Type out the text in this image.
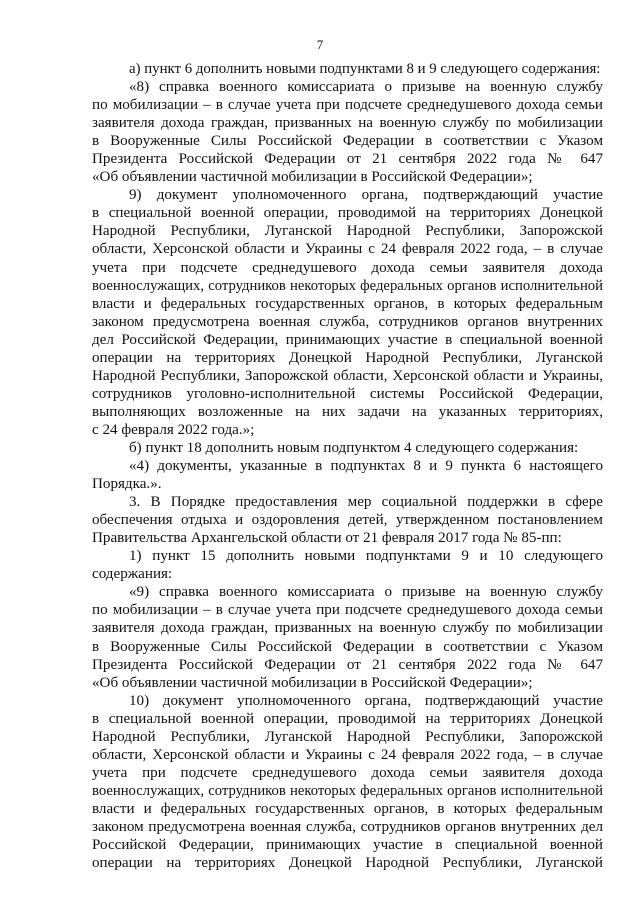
7
а) пункт 6 дополнить новыми подпунктами 8 и 9 следующего содержания:
«8) справка военного комиссариата о призыве на военную службу
по мобилизации – в случае учета при подсчете среднедушевого дохода семьи
заявителя дохода граждан, призванных на военную службу по мобилизации
в Вооруженные Силы Российской Федерации в соответствии с Указом
Президента Российской Федерации от 21 сентября 2022 года № 647
«Об объявлении частичной мобилизации в Российской Федерации»;
9) документ уполномоченного органа, подтверждающий участие
в специальной военной операции, проводимой на территориях Донецкой
Народной Республики, Луганской Народной Республики, Запорожской
области, Херсонской области и Украины с 24 февраля 2022 года, – в случае
учета при подсчете среднедушевого дохода семьи заявителя дохода
военнослужащих, сотрудников некоторых федеральных органов исполнительной
власти и федеральных государственных органов, в которых федеральным
законом предусмотрена военная служба, сотрудников органов внутренних
дел Российской Федерации, принимающих участие в специальной военной
операции на территориях Донецкой Народной Республики, Луганской
Народной Республики, Запорожской области, Херсонской области и Украины,
сотрудников уголовно-исполнительной системы Российской Федерации,
выполняющих возложенные на них задачи на указанных территориях,
с 24 февраля 2022 года.»;
б) пункт 18 дополнить новым подпунктом 4 следующего содержания:
«4) документы, указанные в подпунктах 8 и 9 пункта 6 настоящего
Порядка.».
3. В Порядке предоставления мер социальной поддержки в сфере
обеспечения отдыха и оздоровления детей, утвержденном постановлением
Правительства Архангельской области от 21 февраля 2017 года № 85-пп:
1) пункт 15 дополнить новыми подпунктами 9 и 10 следующего
содержания:
«9) справка военного комиссариата о призыве на военную службу
по мобилизации – в случае учета при подсчете среднедушевого дохода семьи
заявителя дохода граждан, призванных на военную службу по мобилизации
в Вооруженные Силы Российской Федерации в соответствии с Указом
Президента Российской Федерации от 21 сентября 2022 года № 647
«Об объявлении частичной мобилизации в Российской Федерации»;
10) документ уполномоченного органа, подтверждающий участие
в специальной военной операции, проводимой на территориях Донецкой
Народной Республики, Луганской Народной Республики, Запорожской
области, Херсонской области и Украины с 24 февраля 2022 года, – в случае
учета при подсчете среднедушевого дохода семьи заявителя дохода
военнослужащих, сотрудников некоторых федеральных органов исполнительной
власти и федеральных государственных органов, в которых федеральным
законом предусмотрена военная служба, сотрудников органов внутренних дел
Российской Федерации, принимающих участие в специальной военной
операции на территориях Донецкой Народной Республики, Луганской
